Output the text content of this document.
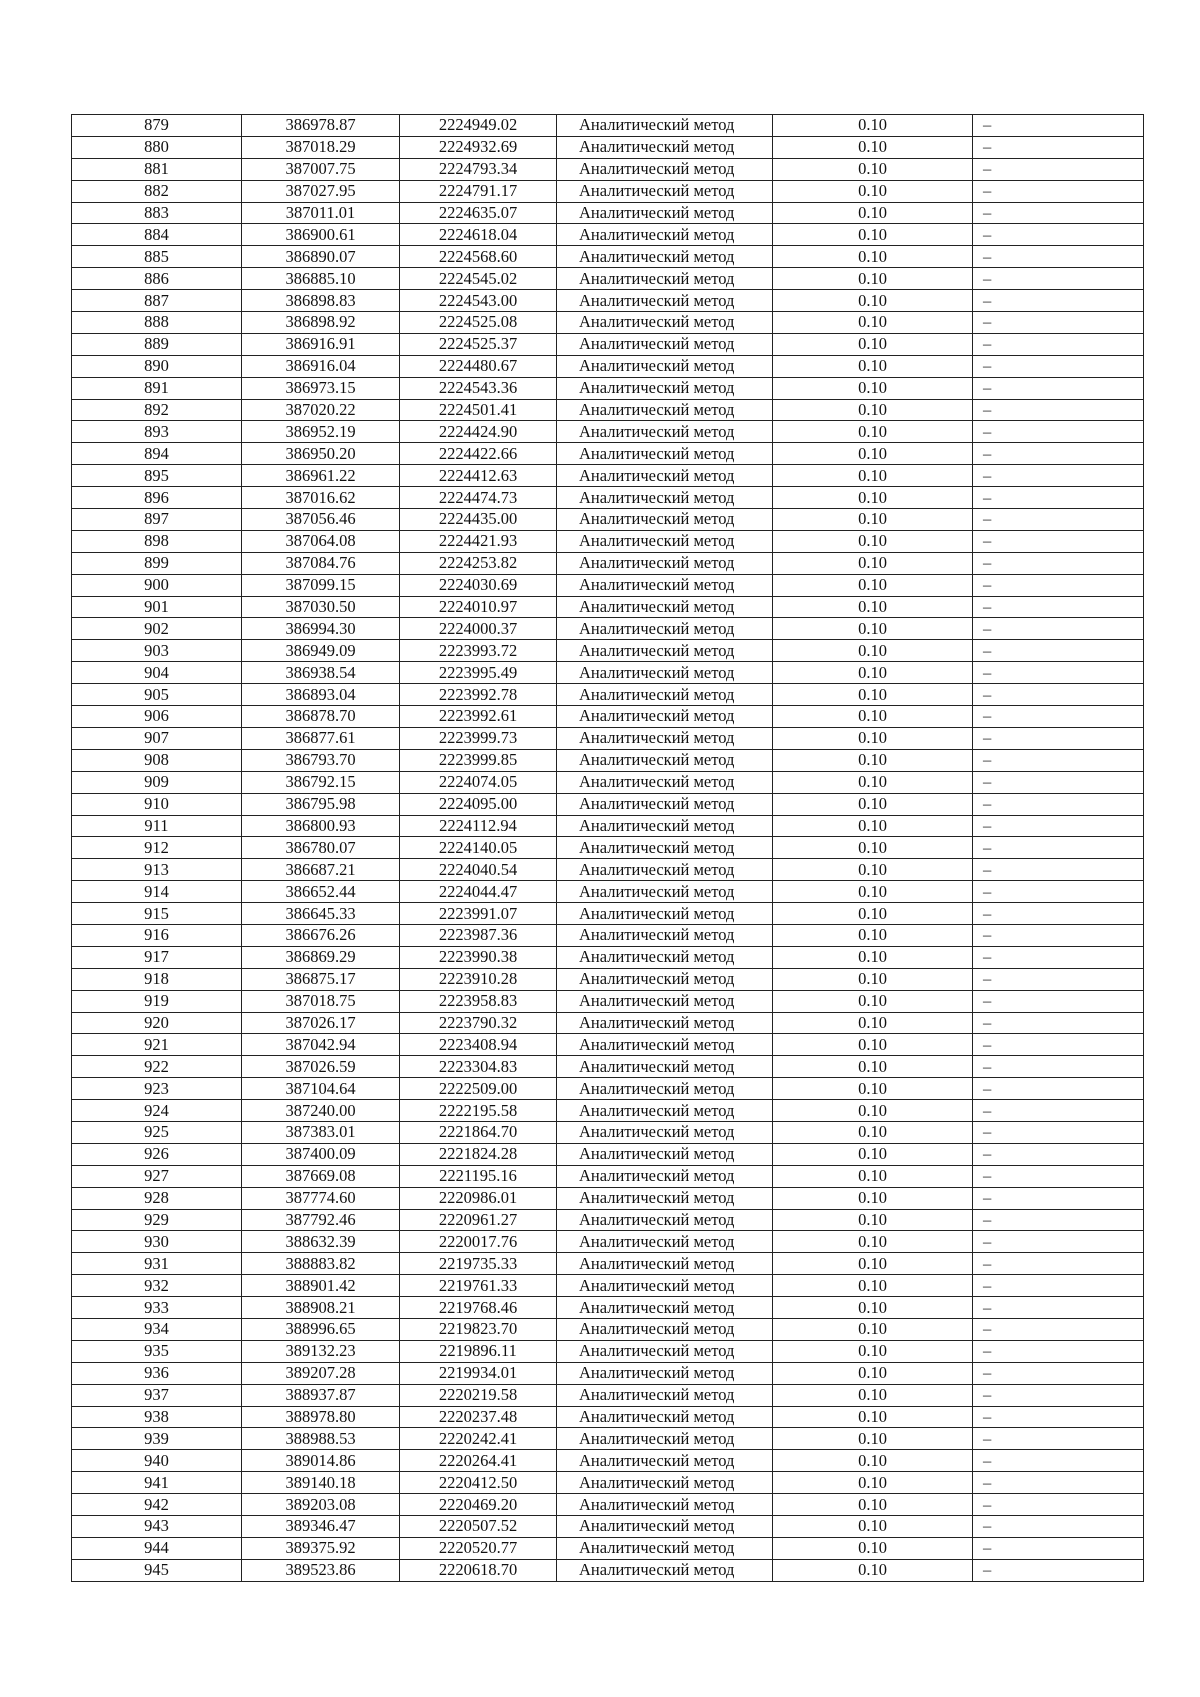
879	386978.87	2224949.02	Аналитический метод	0.10	–
880	387018.29	2224932.69	Аналитический метод	0.10	–
881	387007.75	2224793.34	Аналитический метод	0.10	–
882	387027.95	2224791.17	Аналитический метод	0.10	–
883	387011.01	2224635.07	Аналитический метод	0.10	–
884	386900.61	2224618.04	Аналитический метод	0.10	–
885	386890.07	2224568.60	Аналитический метод	0.10	–
886	386885.10	2224545.02	Аналитический метод	0.10	–
887	386898.83	2224543.00	Аналитический метод	0.10	–
888	386898.92	2224525.08	Аналитический метод	0.10	–
889	386916.91	2224525.37	Аналитический метод	0.10	–
890	386916.04	2224480.67	Аналитический метод	0.10	–
891	386973.15	2224543.36	Аналитический метод	0.10	–
892	387020.22	2224501.41	Аналитический метод	0.10	–
893	386952.19	2224424.90	Аналитический метод	0.10	–
894	386950.20	2224422.66	Аналитический метод	0.10	–
895	386961.22	2224412.63	Аналитический метод	0.10	–
896	387016.62	2224474.73	Аналитический метод	0.10	–
897	387056.46	2224435.00	Аналитический метод	0.10	–
898	387064.08	2224421.93	Аналитический метод	0.10	–
899	387084.76	2224253.82	Аналитический метод	0.10	–
900	387099.15	2224030.69	Аналитический метод	0.10	–
901	387030.50	2224010.97	Аналитический метод	0.10	–
902	386994.30	2224000.37	Аналитический метод	0.10	–
903	386949.09	2223993.72	Аналитический метод	0.10	–
904	386938.54	2223995.49	Аналитический метод	0.10	–
905	386893.04	2223992.78	Аналитический метод	0.10	–
906	386878.70	2223992.61	Аналитический метод	0.10	–
907	386877.61	2223999.73	Аналитический метод	0.10	–
908	386793.70	2223999.85	Аналитический метод	0.10	–
909	386792.15	2224074.05	Аналитический метод	0.10	–
910	386795.98	2224095.00	Аналитический метод	0.10	–
911	386800.93	2224112.94	Аналитический метод	0.10	–
912	386780.07	2224140.05	Аналитический метод	0.10	–
913	386687.21	2224040.54	Аналитический метод	0.10	–
914	386652.44	2224044.47	Аналитический метод	0.10	–
915	386645.33	2223991.07	Аналитический метод	0.10	–
916	386676.26	2223987.36	Аналитический метод	0.10	–
917	386869.29	2223990.38	Аналитический метод	0.10	–
918	386875.17	2223910.28	Аналитический метод	0.10	–
919	387018.75	2223958.83	Аналитический метод	0.10	–
920	387026.17	2223790.32	Аналитический метод	0.10	–
921	387042.94	2223408.94	Аналитический метод	0.10	–
922	387026.59	2223304.83	Аналитический метод	0.10	–
923	387104.64	2222509.00	Аналитический метод	0.10	–
924	387240.00	2222195.58	Аналитический метод	0.10	–
925	387383.01	2221864.70	Аналитический метод	0.10	–
926	387400.09	2221824.28	Аналитический метод	0.10	–
927	387669.08	2221195.16	Аналитический метод	0.10	–
928	387774.60	2220986.01	Аналитический метод	0.10	–
929	387792.46	2220961.27	Аналитический метод	0.10	–
930	388632.39	2220017.76	Аналитический метод	0.10	–
931	388883.82	2219735.33	Аналитический метод	0.10	–
932	388901.42	2219761.33	Аналитический метод	0.10	–
933	388908.21	2219768.46	Аналитический метод	0.10	–
934	388996.65	2219823.70	Аналитический метод	0.10	–
935	389132.23	2219896.11	Аналитический метод	0.10	–
936	389207.28	2219934.01	Аналитический метод	0.10	–
937	388937.87	2220219.58	Аналитический метод	0.10	–
938	388978.80	2220237.48	Аналитический метод	0.10	–
939	388988.53	2220242.41	Аналитический метод	0.10	–
940	389014.86	2220264.41	Аналитический метод	0.10	–
941	389140.18	2220412.50	Аналитический метод	0.10	–
942	389203.08	2220469.20	Аналитический метод	0.10	–
943	389346.47	2220507.52	Аналитический метод	0.10	–
944	389375.92	2220520.77	Аналитический метод	0.10	–
945	389523.86	2220618.70	Аналитический метод	0.10	–
